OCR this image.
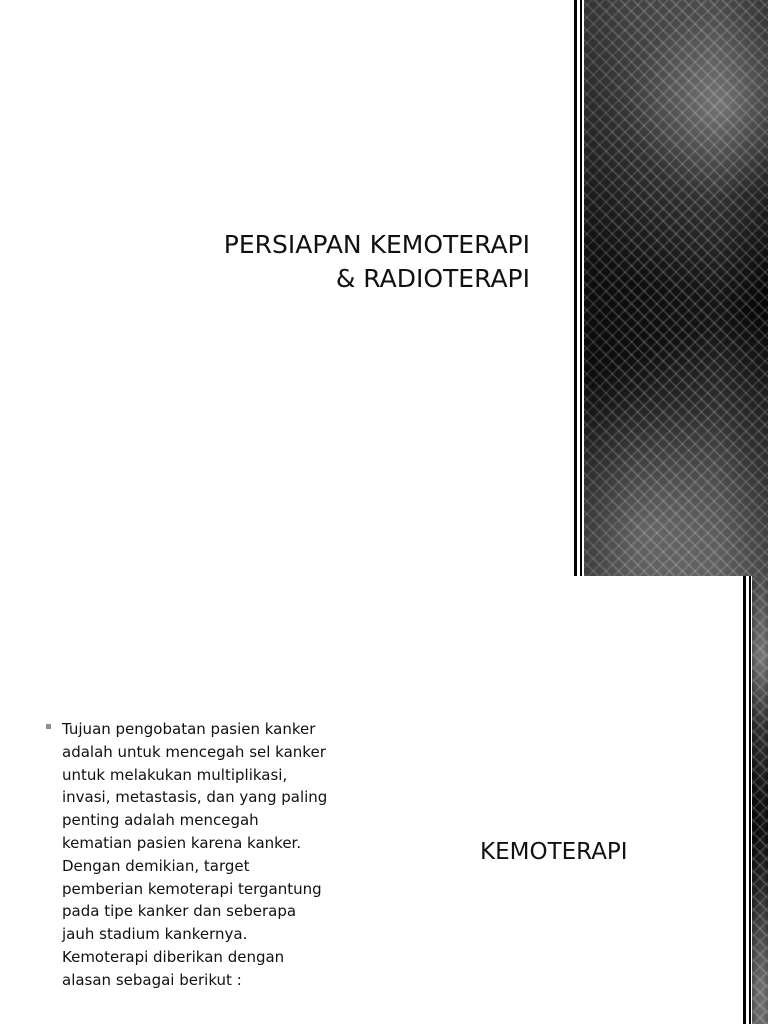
PERSIAPAN KEMOTERAPI
& RADIOTERAPI

Tujuan pengobatan pasien kanker
adalah untuk mencegah sel kanker
untuk melakukan multiplikasi,
invasi, metastasis, dan yang paling
penting adalah mencegah
kematian pasien karena kanker.
Dengan demikian, target
pemberian kemoterapi tergantung
pada tipe kanker dan seberapa
jauh stadium kankernya.
Kemoterapi diberikan dengan
alasan sebagai berikut :

KEMOTERAPI
